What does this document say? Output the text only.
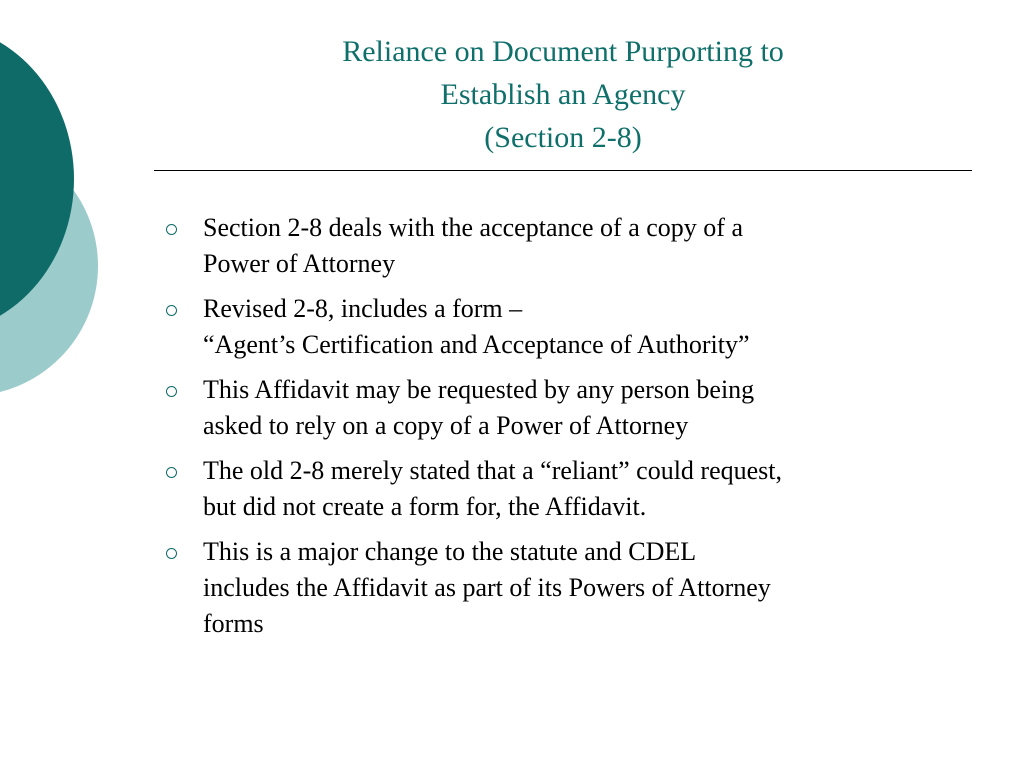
Reliance on Document Purporting to
Establish an Agency
(Section 2-8)
Section 2-8 deals with the acceptance of a copy of a
Power of Attorney
Revised 2-8, includes a form –
“Agent’s Certification and Acceptance of Authority”
This Affidavit may be requested by any person being
asked to rely on a copy of a Power of Attorney
The old 2-8 merely stated that a “reliant” could request,
but did not create a form for, the Affidavit.
This is a major change to the statute and CDEL
includes the Affidavit as part of its Powers of Attorney
forms
